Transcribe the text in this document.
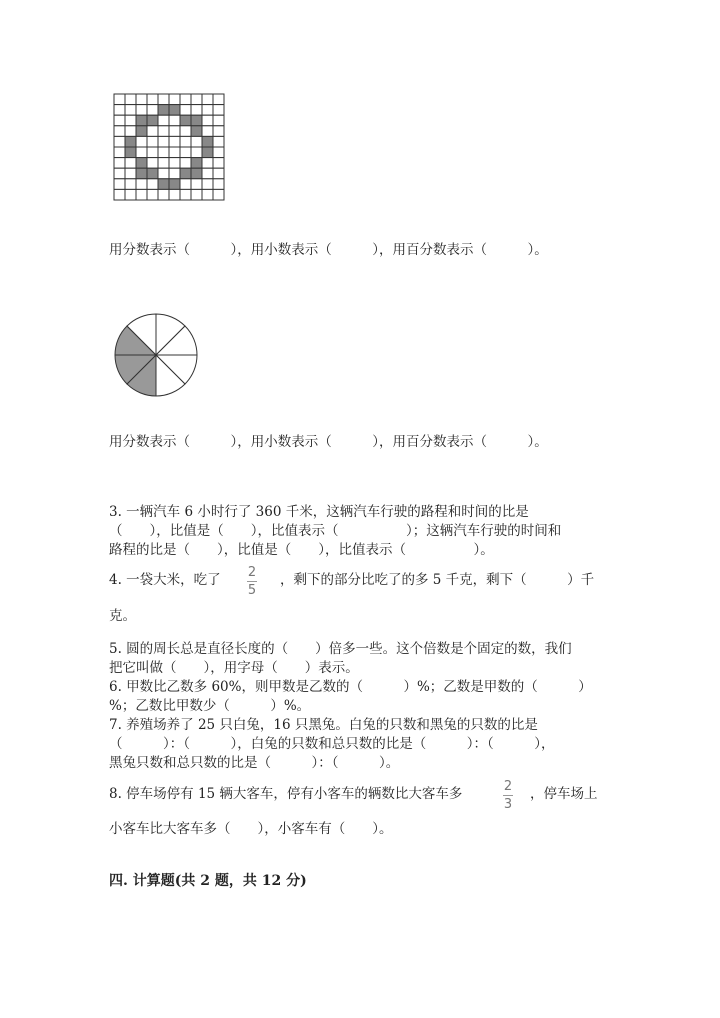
用分数表示（　　　），用小数表示（　　　），用百分数表示（　　　）。
用分数表示（　　　），用小数表示（　　　），用百分数表示（　　　）。
3. 一辆汽车 6 小时行了 360 千米，这辆汽车行驶的路程和时间的比是
（　　），比值是（　　），比值表示（　　　　　）；这辆汽车行驶的时间和
路程的比是（　　），比值是（　　），比值表示（　　　　　）。
4. 一袋大米，吃了 2
5
，剩下的部分比吃了的多 5 千克，剩下（　　　）千
克。
5. 圆的周长总是直径长度的（　　）倍多一些。这个倍数是个固定的数，我们
把它叫做（　　），用字母（　　）表示。
6. 甲数比乙数多 60%，则甲数是乙数的（　　　）%；乙数是甲数的（　　　）
%；乙数比甲数少（　　　）%。
7. 养殖场养了 25 只白兔，16 只黑兔。白兔的只数和黑兔的只数的比是
（　　　）：（　　　），白兔的只数和总只数的比是（　　　）：（　　　），
黑兔只数和总只数的比是（　　　）：（　　　）。
8. 停车场停有 15 辆大客车，停有小客车的辆数比大客车多	2
3
，停车场上
小客车比大客车多（　　），小客车有（　　）。
四. 计算题(共 2 题，共 12 分)
